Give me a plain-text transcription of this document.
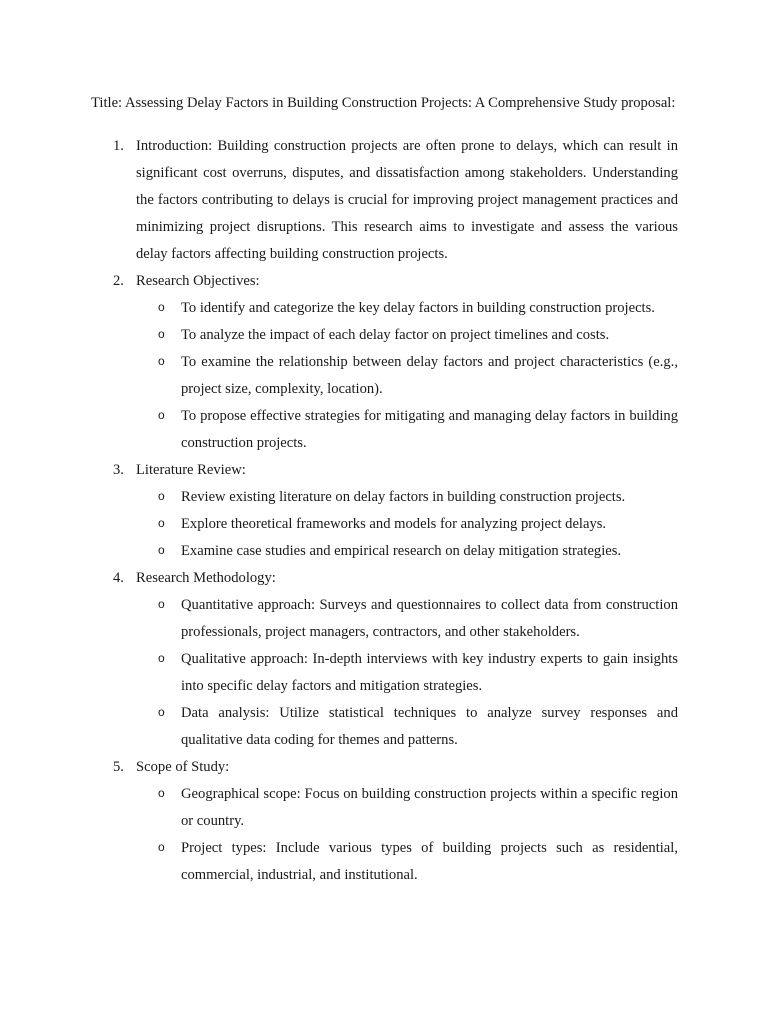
Title: Assessing Delay Factors in Building Construction Projects: A Comprehensive Study proposal:

1. Introduction: Building construction projects are often prone to delays, which can result in significant cost overruns, disputes, and dissatisfaction among stakeholders. Understanding the factors contributing to delays is crucial for improving project management practices and minimizing project disruptions. This research aims to investigate and assess the various delay factors affecting building construction projects.
2. Research Objectives:
o To identify and categorize the key delay factors in building construction projects.
o To analyze the impact of each delay factor on project timelines and costs.
o To examine the relationship between delay factors and project characteristics (e.g., project size, complexity, location).
o To propose effective strategies for mitigating and managing delay factors in building construction projects.
3. Literature Review:
o Review existing literature on delay factors in building construction projects.
o Explore theoretical frameworks and models for analyzing project delays.
o Examine case studies and empirical research on delay mitigation strategies.
4. Research Methodology:
o Quantitative approach: Surveys and questionnaires to collect data from construction professionals, project managers, contractors, and other stakeholders.
o Qualitative approach: In-depth interviews with key industry experts to gain insights into specific delay factors and mitigation strategies.
o Data analysis: Utilize statistical techniques to analyze survey responses and qualitative data coding for themes and patterns.
5. Scope of Study:
o Geographical scope: Focus on building construction projects within a specific region or country.
o Project types: Include various types of building projects such as residential, commercial, industrial, and institutional.
